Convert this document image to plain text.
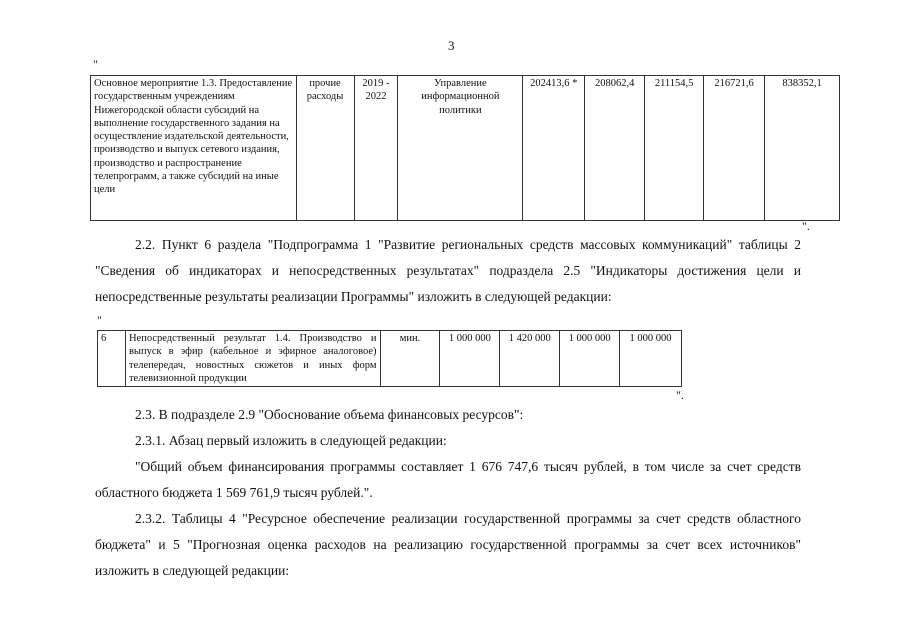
3
"
Основное мероприятие 1.3. Предоставление государственным учреждениям Нижегородской области субсидий на выполнение государственного задания на осуществление издательской деятельности, производство и выпуск сетевого издания, производство и распространение телепрограмм, а также субсидий на иные цели	прочие расходы	2019 - 2022	Управление информационной политики	202413,6 *	208062,4	211154,5	216721,6	838352,1
".

2.2. Пункт 6 раздела "Подпрограмма 1 "Развитие региональных средств массовых коммуникаций" таблицы 2 "Сведения об индикаторах и непосредственных результатах" подраздела 2.5 "Индикаторы достижения цели и непосредственные результаты реализации Программы" изложить в следующей редакции:

"
6	Непосредственный результат 1.4. Производство и выпуск в эфир (кабельное и эфирное аналоговое) телепередач, новостных сюжетов и иных форм телевизионной продукции	мин.	1 000 000	1 420 000	1 000 000	1 000 000
".

2.3. В подразделе 2.9 "Обоснование объема финансовых ресурсов":

2.3.1. Абзац первый изложить в следующей редакции:

"Общий объем финансирования программы составляет 1 676 747,6 тысяч рублей, в том числе за счет средств областного бюджета 1 569 761,9 тысяч рублей.".

2.3.2. Таблицы 4 "Ресурсное обеспечение реализации государственной программы за счет средств областного бюджета" и 5 "Прогнозная оценка расходов на реализацию государственной программы за счет всех источников" изложить в следующей редакции:
